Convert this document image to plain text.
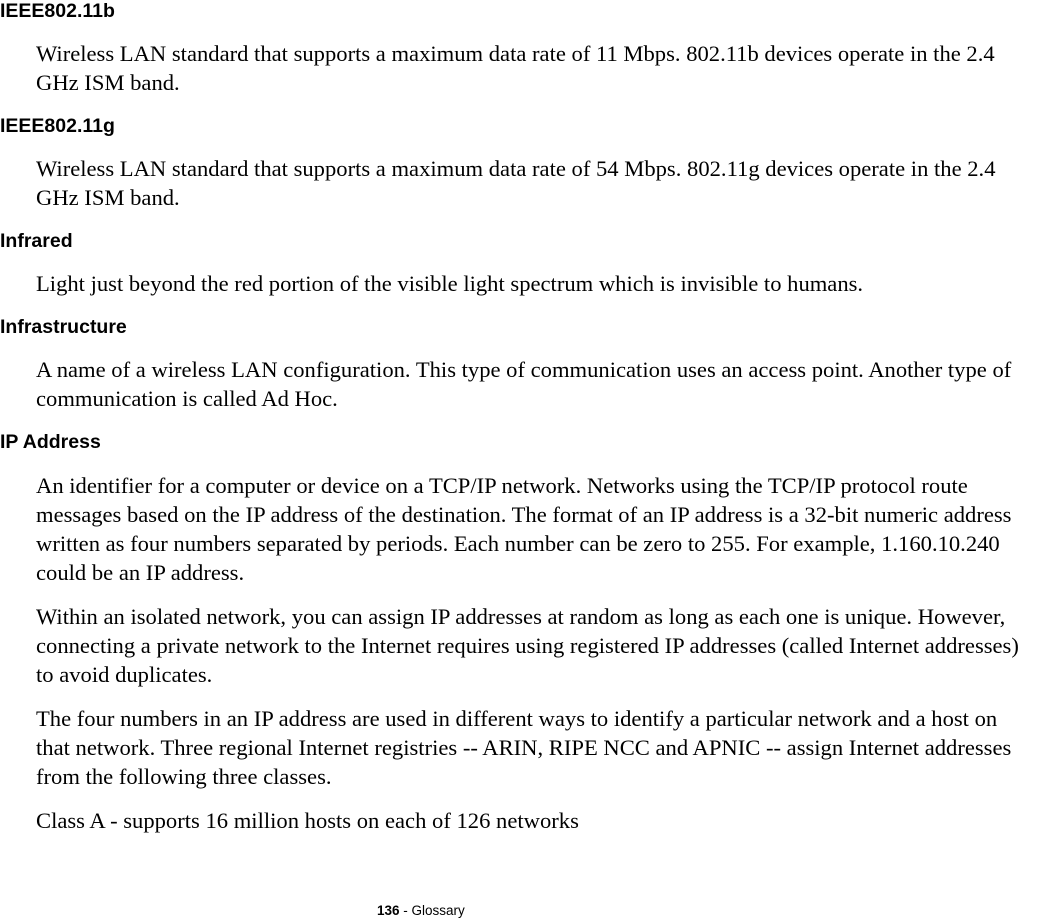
IEEE802.11b

Wireless LAN standard that supports a maximum data rate of 11 Mbps. 802.11b devices operate in the 2.4 GHz ISM band.

IEEE802.11g

Wireless LAN standard that supports a maximum data rate of 54 Mbps. 802.11g devices operate in the 2.4 GHz ISM band.

Infrared

Light just beyond the red portion of the visible light spectrum which is invisible to humans.

Infrastructure

A name of a wireless LAN configuration. This type of communication uses an access point. Another type of communication is called Ad Hoc.

IP Address

An identifier for a computer or device on a TCP/IP network. Networks using the TCP/IP protocol route messages based on the IP address of the destination. The format of an IP address is a 32-bit numeric address written as four numbers separated by periods. Each number can be zero to 255. For example, 1.160.10.240 could be an IP address.

Within an isolated network, you can assign IP addresses at random as long as each one is unique. However, connecting a private network to the Internet requires using registered IP addresses (called Internet addresses) to avoid duplicates.

The four numbers in an IP address are used in different ways to identify a particular network and a host on that network. Three regional Internet registries -- ARIN, RIPE NCC and APNIC -- assign Internet addresses from the following three classes.

Class A - supports 16 million hosts on each of 126 networks

136 - Glossary
